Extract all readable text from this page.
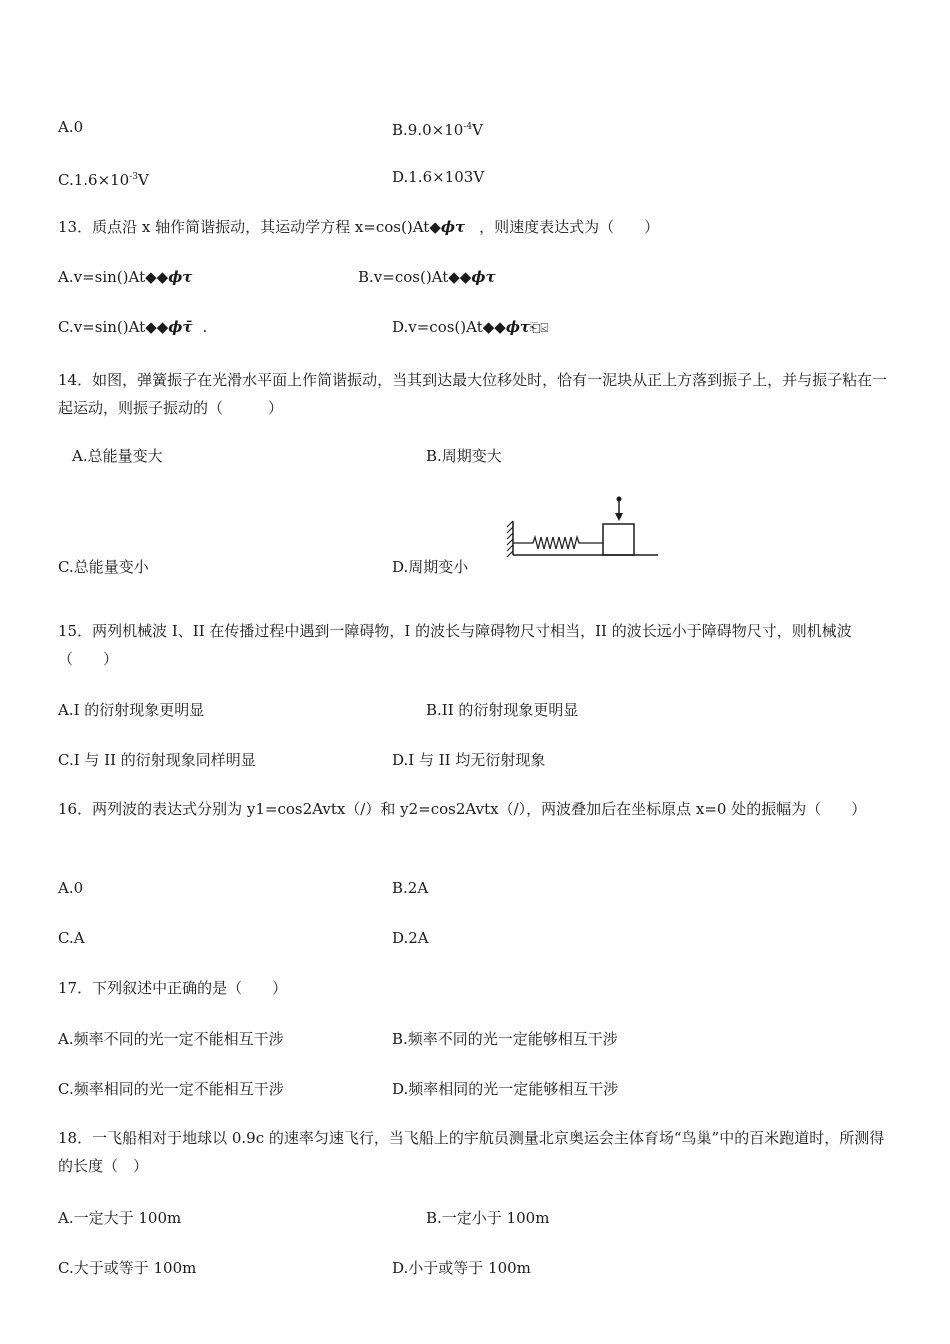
A.0	$B.9.0\times 10^{-4}V$
$C.1.6\times 10^{-3}V$	D.1.6×103V
13．质点沿 x 轴作简谐振动，其运动学方程 x=cos()At◆ϕτ ，则速度表达式为（　　）
A.v=sin()At◆◆ϕτ	B.v=cos()At◆◆ϕτ
C.v=sin()At◆◆ϕτ̄ .	D.v=cos()At◆◆ϕτ⎗⍃
14．如图，弹簧振子在光滑水平面上作简谐振动，当其到达最大位移处时，恰有一泥块从正上方落到振子上，并与振子粘在一起运动，则振子振动的（　　　）
A.总能量变大	B.周期变大
C.总能量变小	D.周期变小
15．两列机械波 I、II 在传播过程中遇到一障碍物，I 的波长与障碍物尺寸相当，II 的波长远小于障碍物尺寸，则机械波（　　）
A.I 的衍射现象更明显	B.II 的衍射现象更明显
C.I 与 II 的衍射现象同样明显	D.I 与 II 均无衍射现象
16．两列波的表达式分别为 y1=cos2Avtx（/）和 y2=cos2Avtx（/），两波叠加后在坐标原点 x=0 处的振幅为（　　）
A.0	B.2A
C.A	D.2A
17．下列叙述中正确的是（　　）
A.频率不同的光一定不能相互干涉	B.频率不同的光一定能够相互干涉
C.频率相同的光一定不能相互干涉	D.频率相同的光一定能够相互干涉
18．一飞船相对于地球以 0.9c 的速率匀速飞行，当飞船上的宇航员测量北京奥运会主体育场“鸟巢”中的百米跑道时，所测得的长度（　）
A.一定大于 100m	B.一定小于 100m
C.大于或等于 100m	D.小于或等于 100m
